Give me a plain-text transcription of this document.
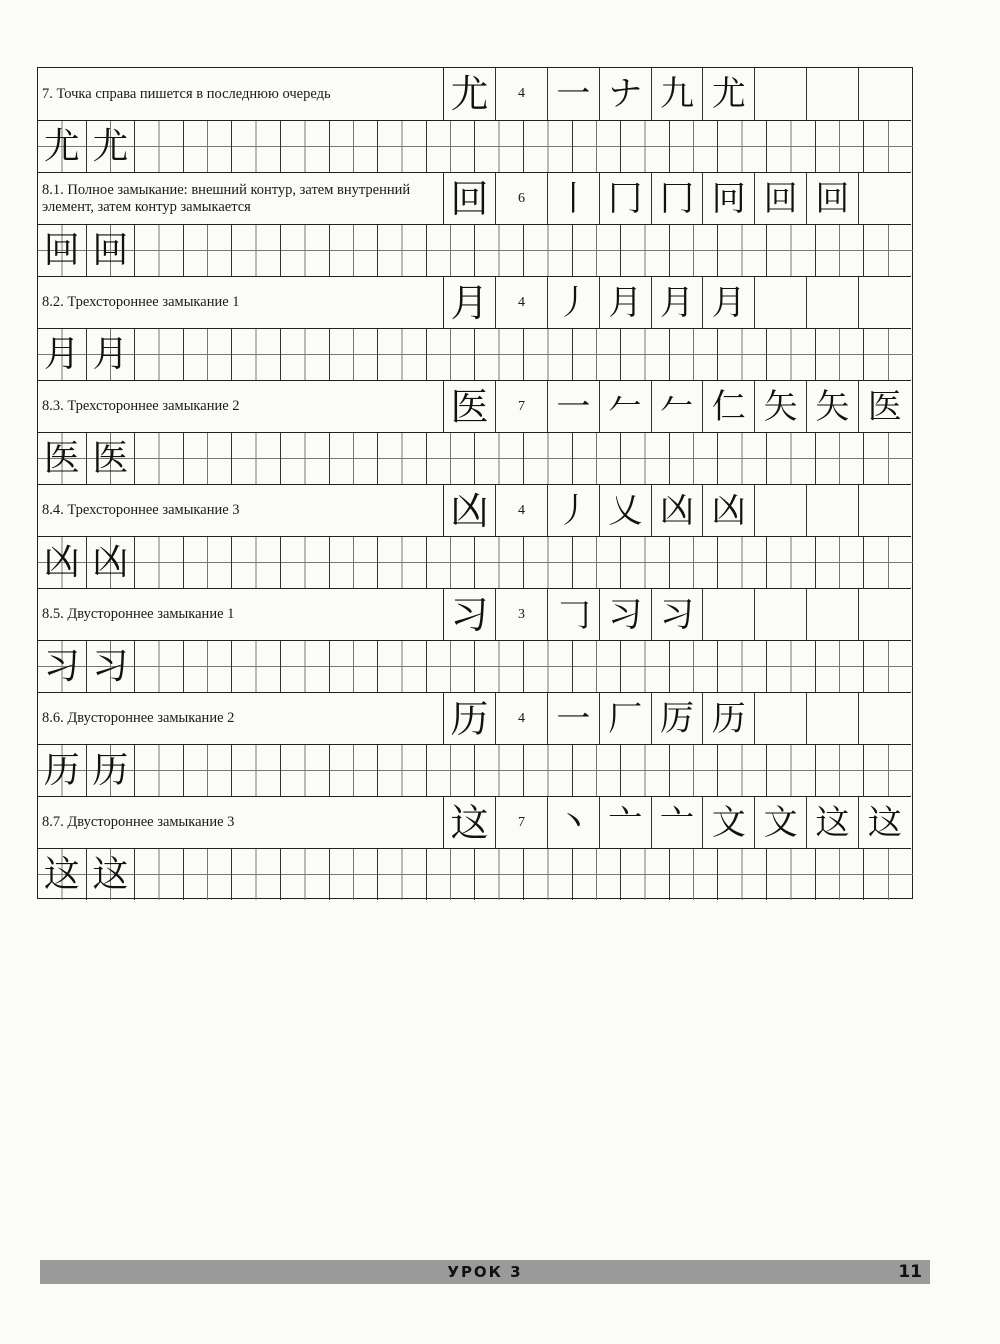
7. Точка справа пишется в последнюю очередь	尤 4 一 ナ 九 尤
尤 尤
8.1. Полное замыкание: внешний контур, затем внутренний элемент, затем контур замыкается	回 6 丨 冂 冂 冋 回 回
回 回
8.2. Трехстороннее замыкание 1	月 4 丿 月 月 月
月 月
8.3. Трехстороннее замыкание 2	医 7 一 𠂉 𠂉 仁 矢 矢 医
医 医
8.4. Трехстороннее замыкание 3	凶 4 丿 乂 凶 凶
凶 凶
8.5. Двустороннее замыкание 1	习 3 𠃌 习 习
习 习
8.6. Двустороннее замыкание 2	历 4 一 厂 厉 历
历 历
8.7. Двустороннее замыкание 3	这 7 丶 亠 亠 文 文 这 这
这 这
УРОК 3	11
